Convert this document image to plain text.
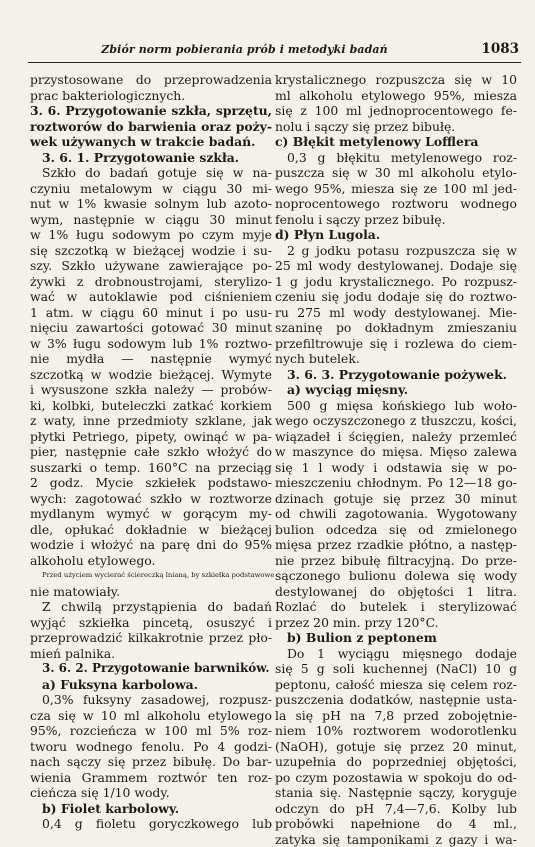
Zbiór norm pobierania prób i metodyki badań	1083
przystosowane do przeprowadzenia
prac bakteriologicznych.
3. 6. Przygotowanie szkła, sprzętu,
roztworów do barwienia oraz poży-
wek używanych w trakcie badań.
3. 6. 1. Przygotowanie szkła.
Szkło do badań gotuje się w na-
czyniu metalowym w ciągu 30 mi-
nut w 1% kwasie solnym lub azoto-
wym, następnie w ciągu 30 minut
w 1% ługu sodowym po czym myje
się szczotką w bieżącej wodzie i su-
szy. Szkło używane zawierające po-
żywki z drobnoustrojami, sterylizo-
wać w autoklawie pod ciśnieniem
1 atm. w ciągu 60 minut i po usu-
nięciu zawartości gotować 30 minut
w 3% ługu sodowym lub 1% roztwo-
nie mydła — następnie wymyć
szczotką w wodzie bieżącej. Wymyte
i wysuszone szkła należy — probów-
ki, kolbki, buteleczki zatkać korkiem
z waty, inne przedmioty szklane, jak
płytki Petriego, pipety, owinąć w pa-
pier, następnie całe szkło włożyć do
suszarki o temp. 160°C na przeciąg
2 godz. Mycie szkiełek podstawo-
wych: zagotować szkło w roztworze
mydlanym wymyć w gorącym my-
dle, opłukać dokładnie w bieżącej
wodzie i włożyć na parę dni do 95%
alkoholu etylowego.
Przed użyciem wycierać ściereczką lnianą, by szkiełka podstawowe
nie matowiały.
Z chwilą przystąpienia do badań
wyjąć szkiełka pincetą, osuszyć i
przeprowadzić kilkakrotnie przez pło-
mień palnika.
3. 6. 2. Przygotowanie barwników.
a) Fuksyna karbolowa.
0,3% fuksyny zasadowej, rozpusz-
cza się w 10 ml alkoholu etylowego
95%, rozcieńcza w 100 ml 5% roz-
tworu wodnego fenolu. Po 4 godzi-
nach sączy się przez bibułę. Do bar-
wienia Grammem roztwór ten roz-
cieńcza się 1/10 wody.
b) Fiolet karbolowy.
0,4 g fioletu goryczkowego lub
krystalicznego rozpuszcza się w 10
ml alkoholu etylowego 95%, miesza
się z 100 ml jednoprocentowego fe-
nolu i sączy się przez bibułę.
c) Błękit metylenowy Lofflera
0,3 g błękitu metylenowego roz-
puszcza się w 30 ml alkoholu etylo-
wego 95%, miesza się ze 100 ml jed-
noprocentowego roztworu wodnego
fenolu i sączy przez bibułę.
d) Płyn Lugola.
2 g jodku potasu rozpuszcza się w
25 ml wody destylowanej. Dodaje się
1 g jodu krystalicznego. Po rozpusz-
czeniu się jodu dodaje się do roztwo-
ru 275 ml wody destylowanej. Mie-
szaninę po dokładnym zmieszaniu
przefiltrowuje się i rozlewa do ciem-
nych butelek.
3. 6. 3. Przygotowanie pożywek.
a) wyciąg mięsny.
500 g mięsa końskiego lub woło-
wego oczyszczonego z tłuszczu, kości,
wiązadeł i ścięgien, należy przemleć
w maszynce do mięsa. Mięso zalewa
się 1 l wody i odstawia się w po-
mieszczeniu chłodnym. Po 12—18 go-
dzinach gotuje się przez 30 minut
od chwili zagotowania. Wygotowany
bulion odcedza się od zmielonego
mięsa przez rzadkie płótno, a następ-
nie przez bibułę filtracyjną. Do prze-
sączonego bulionu dolewa się wody
destylowanej do objętości 1 litra.
Rozlać do butelek i sterylizować
przez 20 min. przy 120°C.
b) Bulion z peptonem
Do 1 wyciągu mięsnego dodaje
się 5 g soli kuchennej (NaCl) 10 g
peptonu, całość miesza się celem roz-
puszczenia dodatków, następnie usta-
la się pH na 7,8 przed zobojętnie-
niem 10% roztworem wodorotlenku
(NaOH), gotuje się przez 20 minut,
uzupełnia do poprzedniej objętości,
po czym pozostawia w spokoju do od-
stania się. Następnie sączy, koryguje
odczyn do pH 7,4—7,6. Kolby lub
probówki napełnione do 4 ml.,
zatyka się tamponikami z gazy i wa-
